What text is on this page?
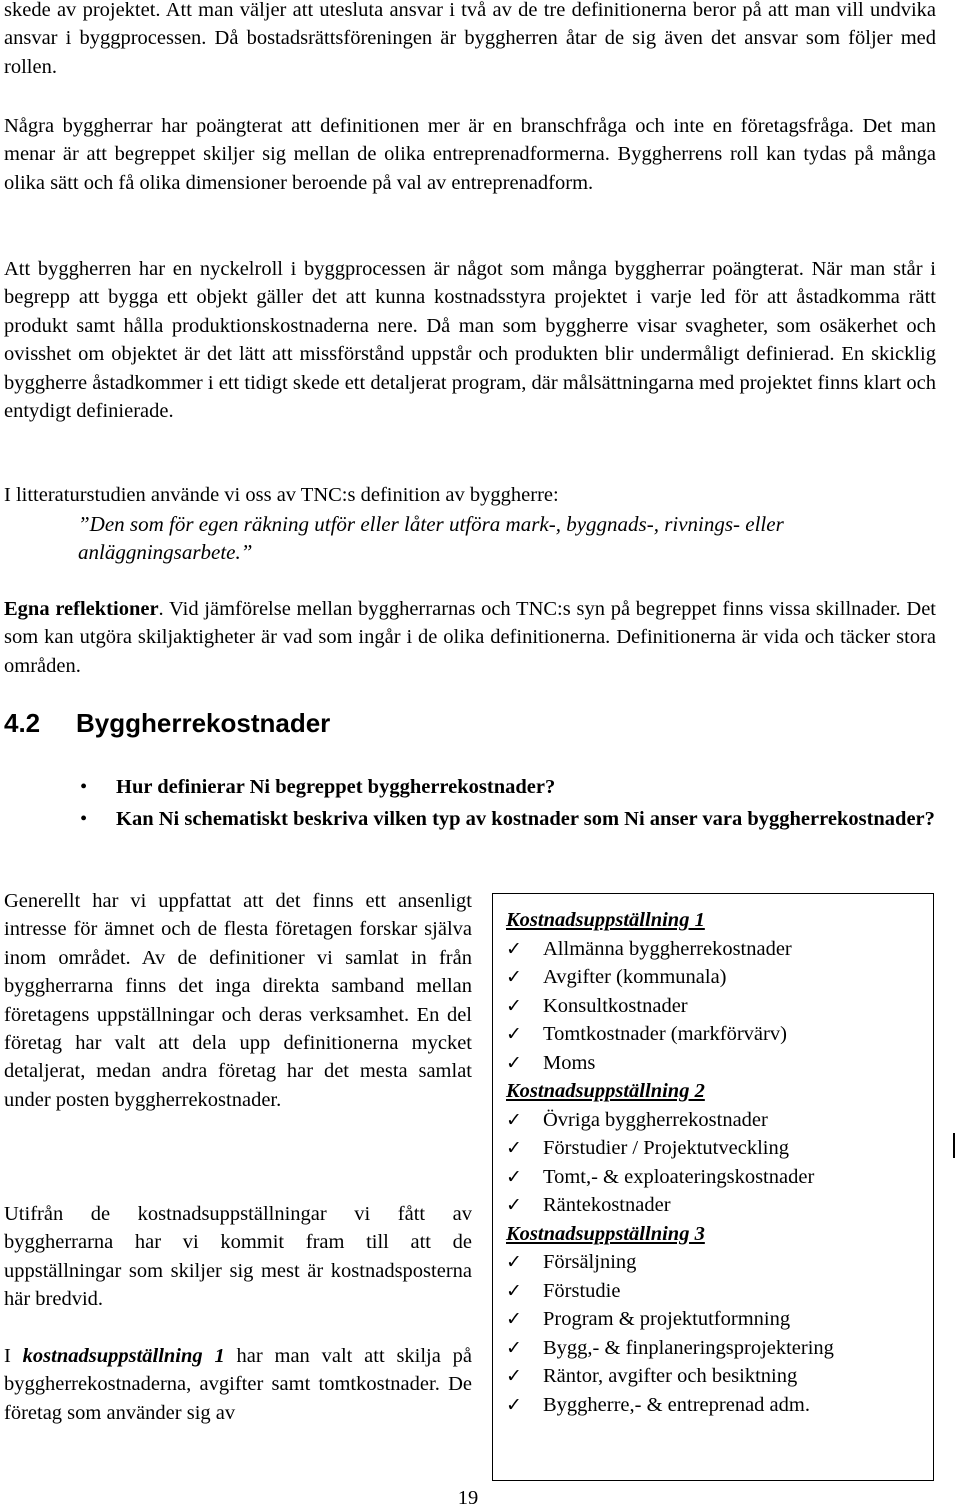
skede av projektet. Att man väljer att utesluta ansvar i två av de tre definitionerna beror på att man vill undvika ansvar i byggprocessen. Då bostadsrättsföreningen är byggherren åtar de sig även det ansvar som följer med rollen.

Några byggherrar har poängterat att definitionen mer är en branschfråga och inte en företagsfråga. Det man menar är att begreppet skiljer sig mellan de olika entreprenadformerna. Byggherrens roll kan tydas på många olika sätt och få olika dimensioner beroende på val av entreprenadform.

Att byggherren har en nyckelroll i byggprocessen är något som många byggherrar poängterat. När man står i begrepp att bygga ett objekt gäller det att kunna kostnadsstyra projektet i varje led för att åstadkomma rätt produkt samt hålla produktionskostnaderna nere. Då man som byggherre visar svagheter, som osäkerhet och ovisshet om objektet är det lätt att missförstånd uppstår och produkten blir undermåligt definierad. En skicklig byggherre åstadkommer i ett tidigt skede ett detaljerat program, där målsättningarna med projektet finns klart och entydigt definierade.

I litteraturstudien använde vi oss av TNC:s definition av byggherre:

”Den som för egen räkning utför eller låter utföra mark-, byggnads-, rivnings- eller anläggningsarbete.”

Egna reflektioner. Vid jämförelse mellan byggherrarnas och TNC:s syn på begreppet finns vissa skillnader. Det som kan utgöra skiljaktigheter är vad som ingår i de olika definitionerna. Definitionerna är vida och täcker stora områden.

4.2 Byggherrekostnader
• Hur definierar Ni begreppet byggherrekostnader?
• Kan Ni schematiskt beskriva vilken typ av kostnader som Ni anser vara byggherrekostnader?

Generellt har vi uppfattat att det finns ett ansenligt intresse för ämnet och de flesta företagen forskar själva inom området. Av de definitioner vi samlat in från byggherrarna finns det inga direkta samband mellan företagens uppställningar och deras verksamhet. En del företag har valt att dela upp definitionerna mycket detaljerat, medan andra företag har det mesta samlat under posten byggherrekostnader.

Utifrån de kostnadsuppställningar vi fått av byggherrarna har vi kommit fram till att de uppställningar som skiljer sig mest är kostnadsposterna här bredvid.

I kostnadsuppställning 1 har man valt att skilja på byggherrekostnaderna, avgifter samt tomtkostnader. De företag som använder sig av

Kostnadsuppställning 1
✓ Allmänna byggherrekostnader
✓ Avgifter (kommunala)
✓ Konsultkostnader
✓ Tomtkostnader (markförvärv)
✓ Moms
Kostnadsuppställning 2
✓ Övriga byggherrekostnader
✓ Förstudier / Projektutveckling
✓ Tomt,- & exploateringskostnader
✓ Räntekostnader
Kostnadsuppställning 3
✓ Försäljning
✓ Förstudie
✓ Program & projektutformning
✓ Bygg,- & finplaneringsprojektering
✓ Räntor, avgifter och besiktning
✓ Byggherre,- & entreprenad adm.
19
